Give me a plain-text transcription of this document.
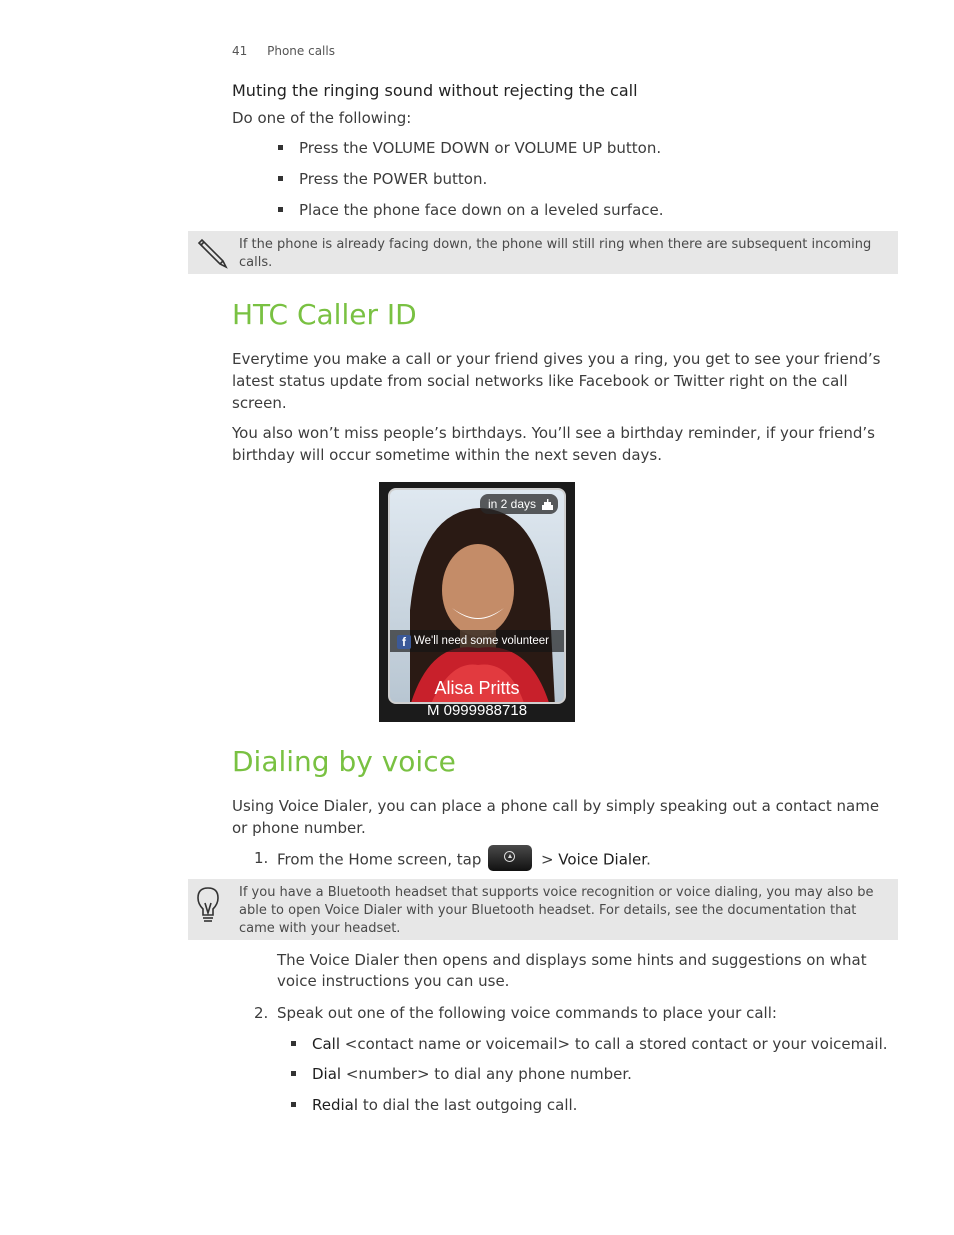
41 Phone calls
Muting the ringing sound without rejecting the call
Do one of the following:
Press the VOLUME DOWN or VOLUME UP button.
Press the POWER button.
Place the phone face down on a leveled surface.
If the phone is already facing down, the phone will still ring when there are subsequent incoming calls.
HTC Caller ID
Everytime you make a call or your friend gives you a ring, you get to see your friend’s latest status update from social networks like Facebook or Twitter right on the call screen.
You also won’t miss people’s birthdays. You’ll see a birthday reminder, if your friend’s birthday will occur sometime within the next seven days.
in 2 days
f We'll need some volunteer
Alisa Pritts
M 0999988718
Dialing by voice
Using Voice Dialer, you can place a phone call by simply speaking out a contact name or phone number.
1. From the Home screen, tap	> Voice Dialer.
If you have a Bluetooth headset that supports voice recognition or voice dialing, you may also be able to open Voice Dialer with your Bluetooth headset. For details, see the documentation that came with your headset.
The Voice Dialer then opens and displays some hints and suggestions on what voice instructions you can use.
2. Speak out one of the following voice commands to place your call:
Call <contact name or voicemail> to call a stored contact or your voicemail.
Dial <number> to dial any phone number.
Redial to dial the last outgoing call.
